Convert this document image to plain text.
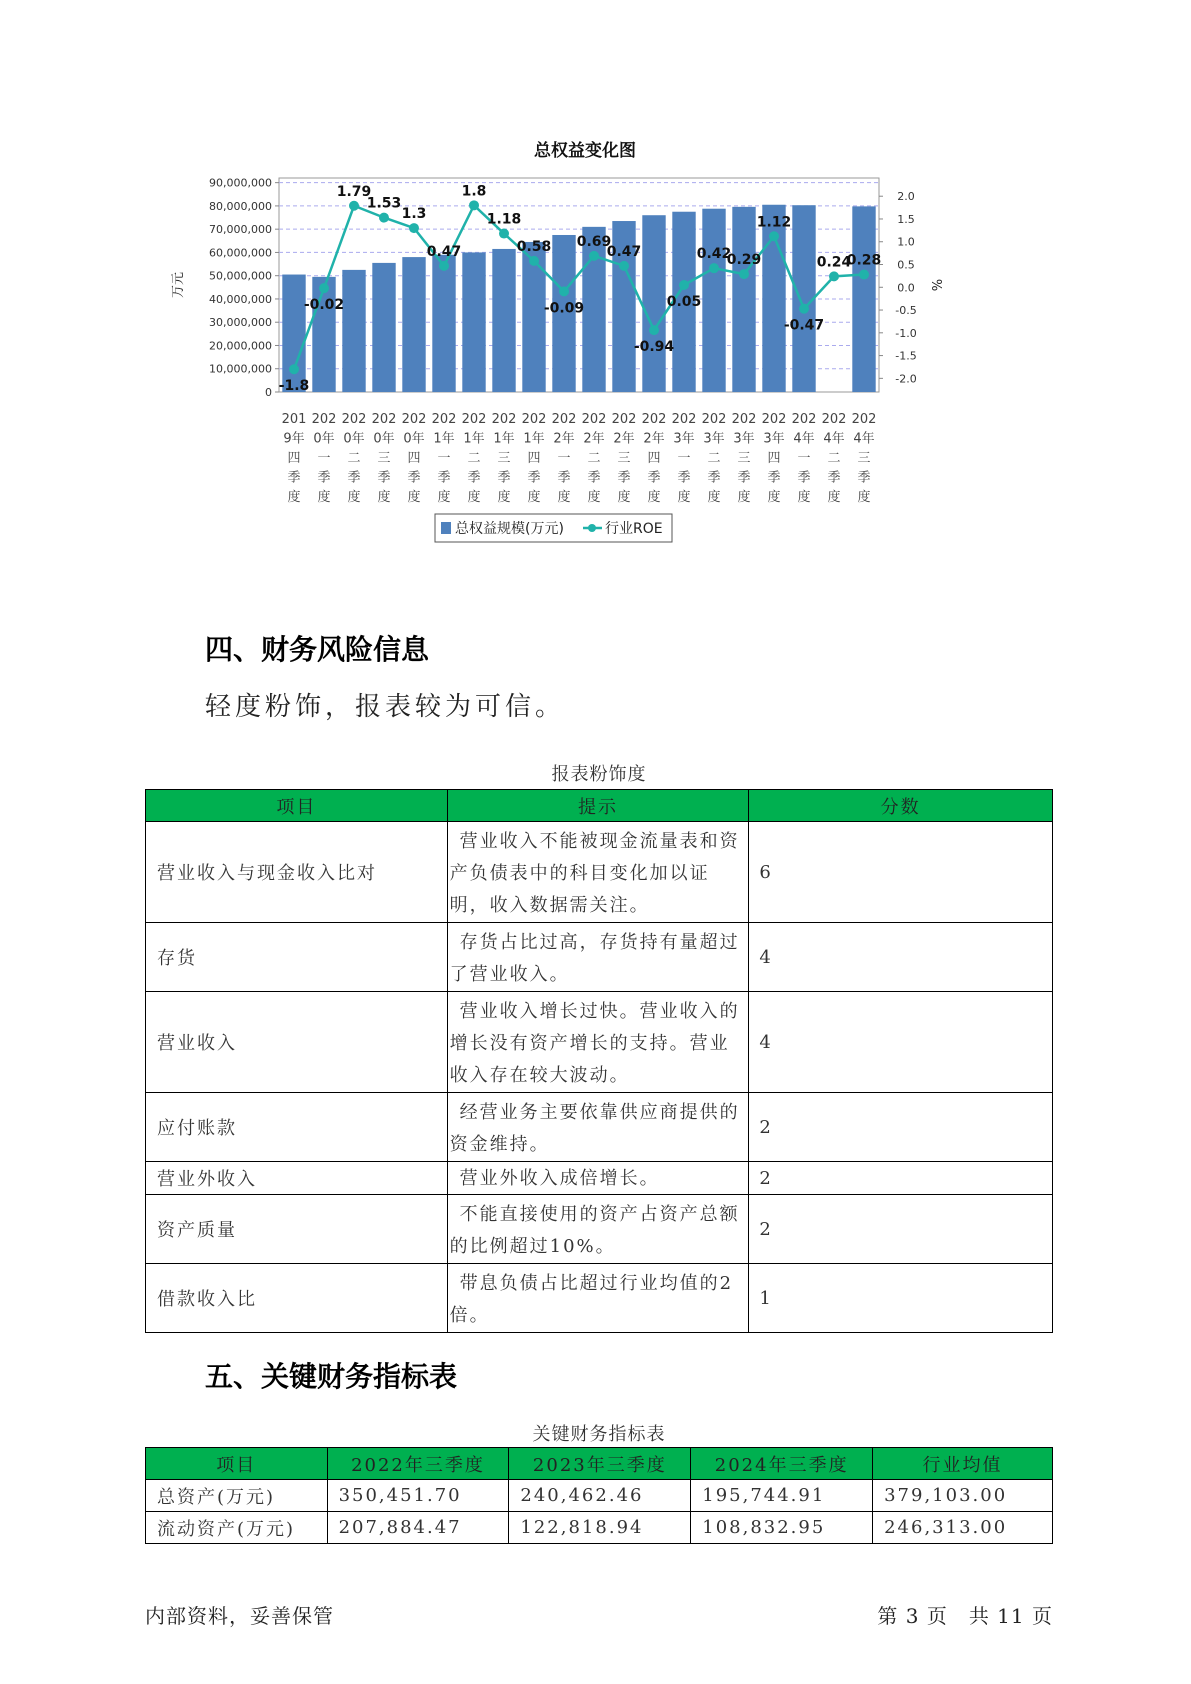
总权益变化图
0
10,000,000
20,000,000
30,000,000
40,000,000
50,000,000
60,000,000
70,000,000
80,000,000
90,000,000
2.0
1.5
1.0
0.5
0.0
-0.5
-1.0
-1.5
-2.0
万元	%
-1.8
-0.02
1.79
1.53
1.3
0.47
1.8
1.18
0.58
-0.09
0.69
0.47
-0.94
0.05
0.42
0.29
1.12
-0.47
0.24
0.28
201
9年
四
季
度
202
0年
一
季
度
202
0年
二
季
度
202
0年
三
季
度
202
0年
四
季
度
202
1年
一
季
度
202
1年
二
季
度
202
1年
三
季
度
202
1年
四
季
度
202
2年
一
季
度
202
2年
二
季
度
202
2年
三
季
度
202
2年
四
季
度
202
3年
一
季
度
202
3年
二
季
度
202
3年
三
季
度
202
3年
四
季
度
202
4年
一
季
度
202
4年
二
季
度
202
4年
三
季
度
总权益规模(万元)	行业ROE
四、财务风险信息

轻度粉饰，报表较为可信。

报表粉饰度
项目	提示	分数
营业收入与现金收入比对	营业收入不能被现金流量表和资产负债表中的科目变化加以证明，收入数据需关注。	6
存货	存货占比过高，存货持有量超过了营业收入。	4
营业收入	营业收入增长过快。营业收入的增长没有资产增长的支持。营业收入存在较大波动。	4
应付账款	经营业务主要依靠供应商提供的资金维持。	2
营业外收入	营业外收入成倍增长。	2
资产质量	不能直接使用的资产占资产总额的比例超过10%。	2
借款收入比	带息负债占比超过行业均值的2倍。	1
五、关键财务指标表
关键财务指标表
项目	2022年三季度	2023年三季度	2024年三季度	行业均值
总资产(万元)	350,451.70	240,462.46	195,744.91	379,103.00
流动资产(万元)	207,884.47	122,818.94	108,832.95	246,313.00
内部资料，妥善保管	第 3 页　共 11 页
